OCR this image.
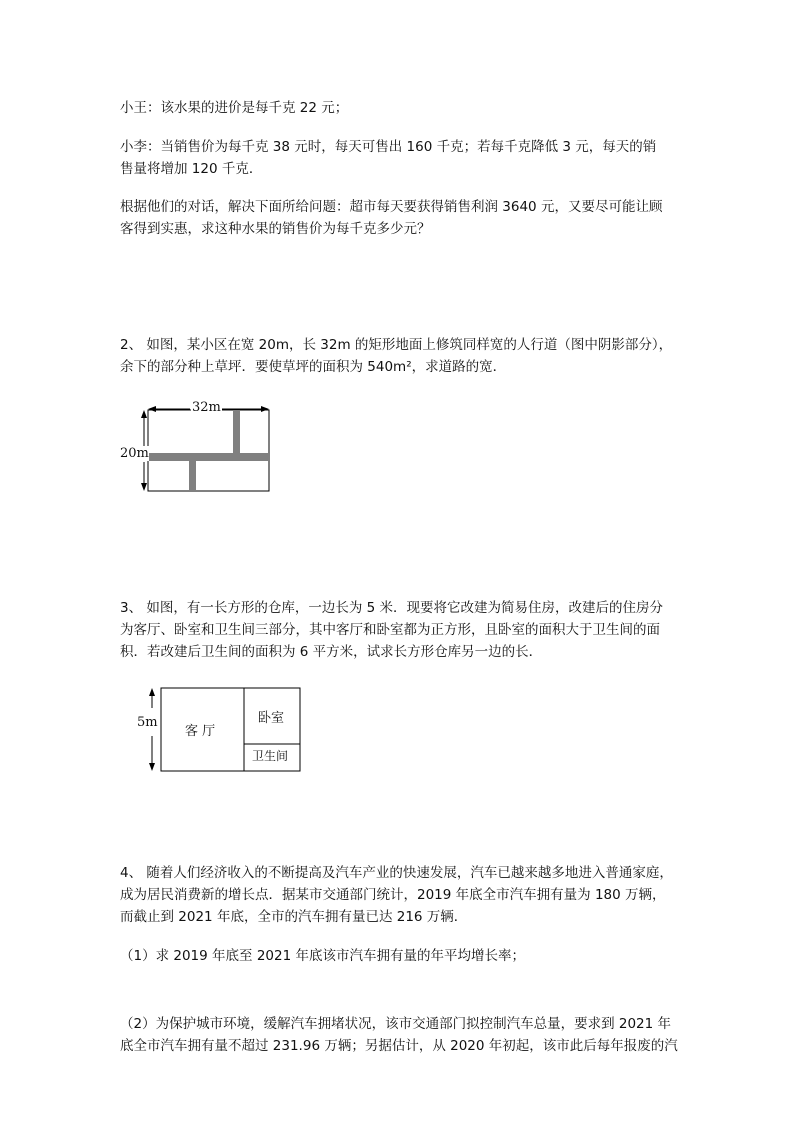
小王：该水果的进价是每千克 22 元；
小李：当销售价为每千克 38 元时，每天可售出 160 千克；若每千克降低 3 元，每天的销
售量将增加 120 千克．
根据他们的对话，解决下面所给问题：超市每天要获得销售利润 3640 元，又要尽可能让顾
客得到实惠，求这种水果的销售价为每千克多少元？
2、 如图，某小区在宽 20m，长 32m 的矩形地面上修筑同样宽的人行道（图中阴影部分），
余下的部分种上草坪．要使草坪的面积为 540m²，求道路的宽．
32m
20m
3、 如图，有一长方形的仓库，一边长为 5 米．现要将它改建为简易住房，改建后的住房分
为客厅、卧室和卫生间三部分，其中客厅和卧室都为正方形，且卧室的面积大于卫生间的面
积．若改建后卫生间的面积为 6 平方米，试求长方形仓库另一边的长．
5m
客 厅
卧室
卫生间
4、 随着人们经济收入的不断提高及汽车产业的快速发展，汽车已越来越多地进入普通家庭，
成为居民消费新的增长点．据某市交通部门统计，2019 年底全市汽车拥有量为 180 万辆，
而截止到 2021 年底，全市的汽车拥有量已达 216 万辆．
（1）求 2019 年底至 2021 年底该市汽车拥有量的年平均增长率；
（2）为保护城市环境，缓解汽车拥堵状况，该市交通部门拟控制汽车总量，要求到 2021 年
底全市汽车拥有量不超过 231.96 万辆；另据估计，从 2020 年初起，该市此后每年报废的汽
